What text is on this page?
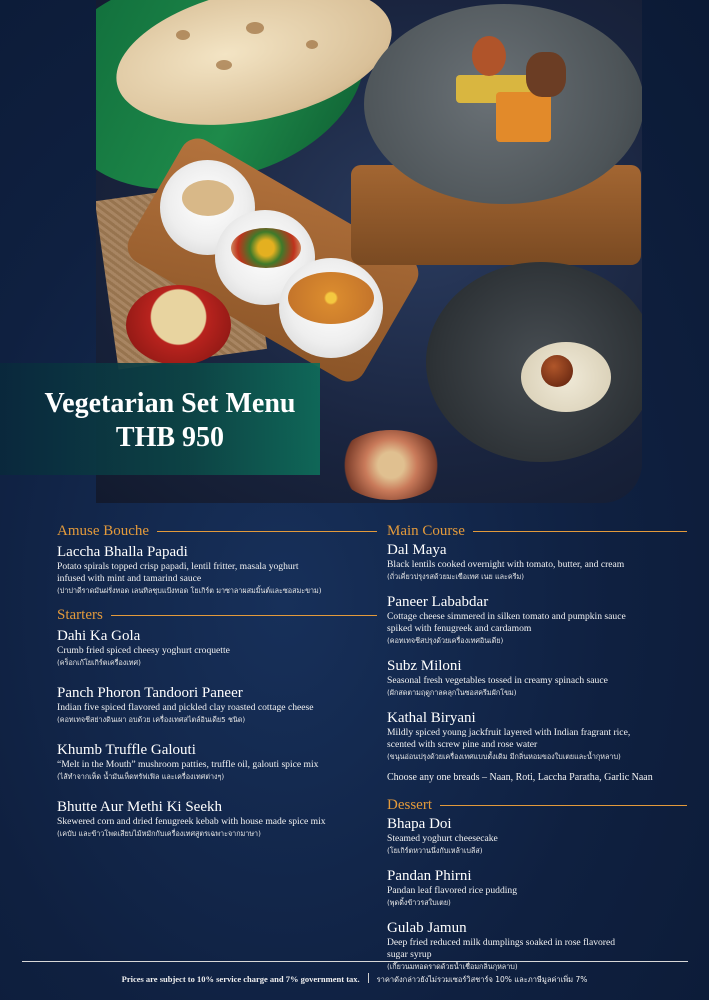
Vegetarian Set Menu
THB 950
Amuse Bouche
Laccha Bhalla Papadi
Potato spirals topped crisp papadi, lentil fritter, masala yoghurt
infused with mint and tamarind sauce
(ปาปาดีราดมันฝรั่งทอด เลนทิลชุบแป้งทอด โยเกิร์ต มาซาลาผสมมิ้นต์และซอสมะขาม)
Starters
Dahi Ka Gola
Crumb fried spiced cheesy yoghurt croquette
(คร็อกเก้โยเกิร์ตเครื่องเทศ)
Panch Phoron Tandoori Paneer
Indian five spiced flavored and pickled clay roasted cottage cheese
(คอทเทจชีสย่างดินเผา อบด้วย เครื่องเทศสไตล์อินเดีย5 ชนิด)
Khumb Truffle Galouti
“Melt in the Mouth” mushroom patties, truffle oil, galouti spice mix
(ไส้ทำจากเห็ด น้ำมันเห็ดทรัฟเฟิล และเครื่องเทศต่างๆ)
Bhutte Aur Methi Ki Seekh
Skewered corn and dried fenugreek kebab with house made spice mix
(เคบับ และข้าวโพดเสียบไม้หมักกับเครื่องเทศสูตรเฉพาะจากมาษา)
Main Course
Dal Maya
Black lentils cooked overnight with tomato, butter, and cream
(ถั่วเคี่ยวปรุงรสด้วยมะเขือเทศ เนย และครีม)
Paneer Lababdar
Cottage cheese simmered in silken tomato and pumpkin sauce
spiked with fenugreek and cardamom
(คอทเทจชีสปรุงด้วยเครื่องเทศอินเดีย)
Subz Miloni
Seasonal fresh vegetables tossed in creamy spinach sauce
(ผักสดตามฤดูกาลคลุกในซอสครีมผักโขม)
Kathal Biryani
Mildly spiced young jackfruit layered with Indian fragrant rice,
scented with screw pine and rose water
(ขนุนอ่อนปรุงด้วยเครื่องเทศแบบดั้งเดิม มีกลิ่นหอมของใบเตยและน้ำกุหลาบ)
Choose any one breads – Naan, Roti, Laccha Paratha, Garlic Naan
Dessert
Bhapa Doi
Steamed yoghurt cheesecake
(โยเกิร์ตหวานนึ่งกับเหล้าเบลีส)
Pandan Phirni
Pandan leaf flavored rice pudding
(พุดดิ้งข้าวรสใบเตย)
Gulab Jamun
Deep fried reduced milk dumplings soaked in rose flavored
sugar syrup
(เกี๊ยวนมทอดราดด้วยน้ำเชื่อมกลิ่นกุหลาบ)
Prices are subject to 10% service charge and 7% government tax. ราคาดังกล่าวยังไม่รวมเซอร์วิสชาร์จ 10% และภาษีมูลค่าเพิ่ม 7%
